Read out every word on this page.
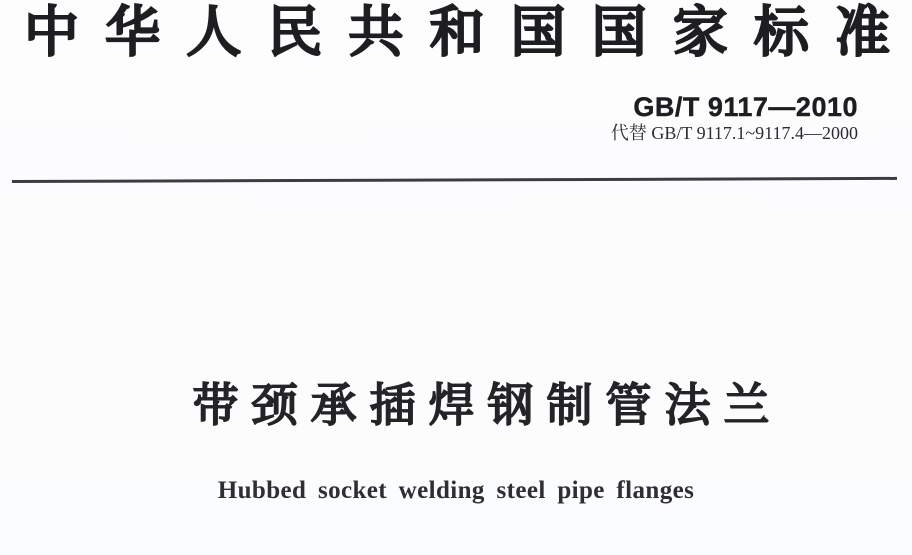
中 华 人 民 共 和 国 国 家 标 准
GB/T 9117—2010
代替 GB/T 9117.1~9117.4—2000
带 颈 承 插 焊 钢 制 管 法 兰
Hubbed socket welding steel pipe flanges
